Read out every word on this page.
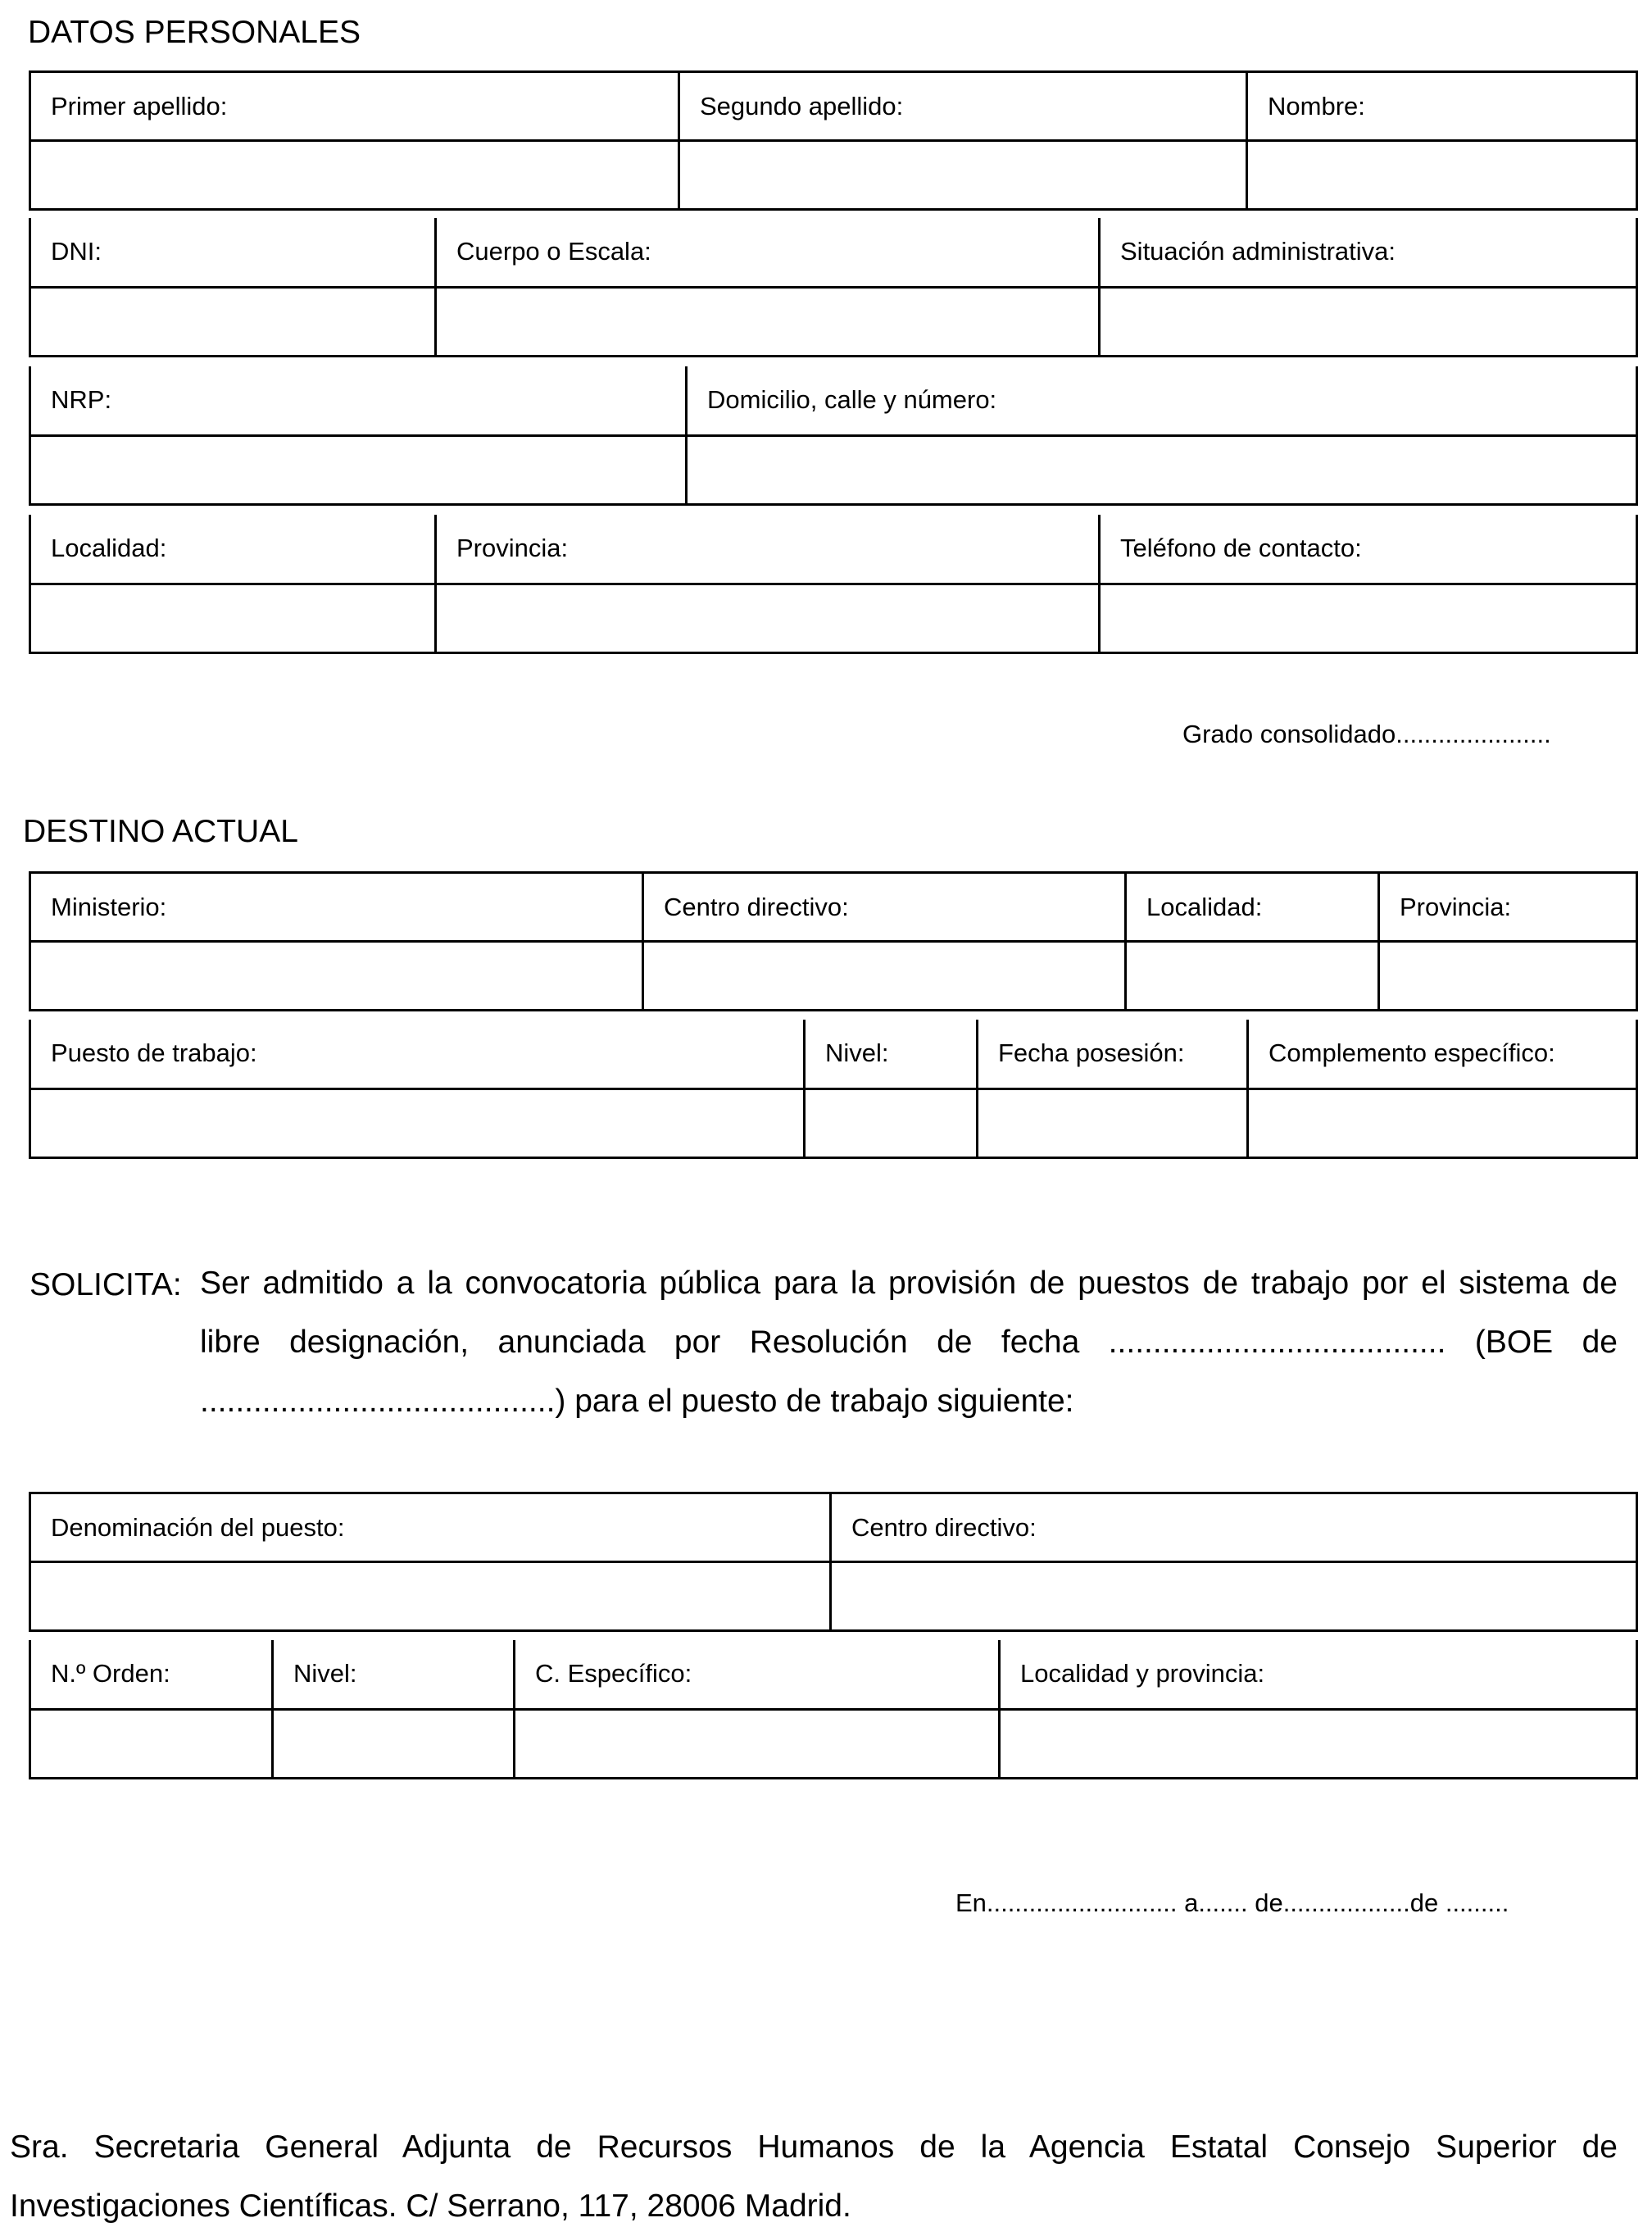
DATOS PERSONALES
Primer apellido:	Segundo apellido:	Nombre:

DNI:	Cuerpo o Escala:	Situación administrativa:

NRP:	Domicilio, calle y número:

Localidad:	Provincia:	Teléfono de contacto:

Grado consolidado......................
DESTINO ACTUAL
Ministerio:	Centro directivo:	Localidad:	Provincia:

Puesto de trabajo:	Nivel:	Fecha posesión:	Complemento específico:

SOLICITA: Ser admitido a la convocatoria pública para la provisión de puestos de trabajo por el sistema de

libre designación, anunciada por Resolución de fecha ...................................... (BOE de

........................................) para el puesto de trabajo siguiente:

Denominación del puesto:	Centro directivo:

N.º Orden:	Nivel:	C. Específico:	Localidad y provincia:

En........................... a....... de..................de .........

Sra. Secretaria General Adjunta de Recursos Humanos de la Agencia Estatal Consejo Superior de

Investigaciones Científicas. C/ Serrano, 117, 28006 Madrid.
